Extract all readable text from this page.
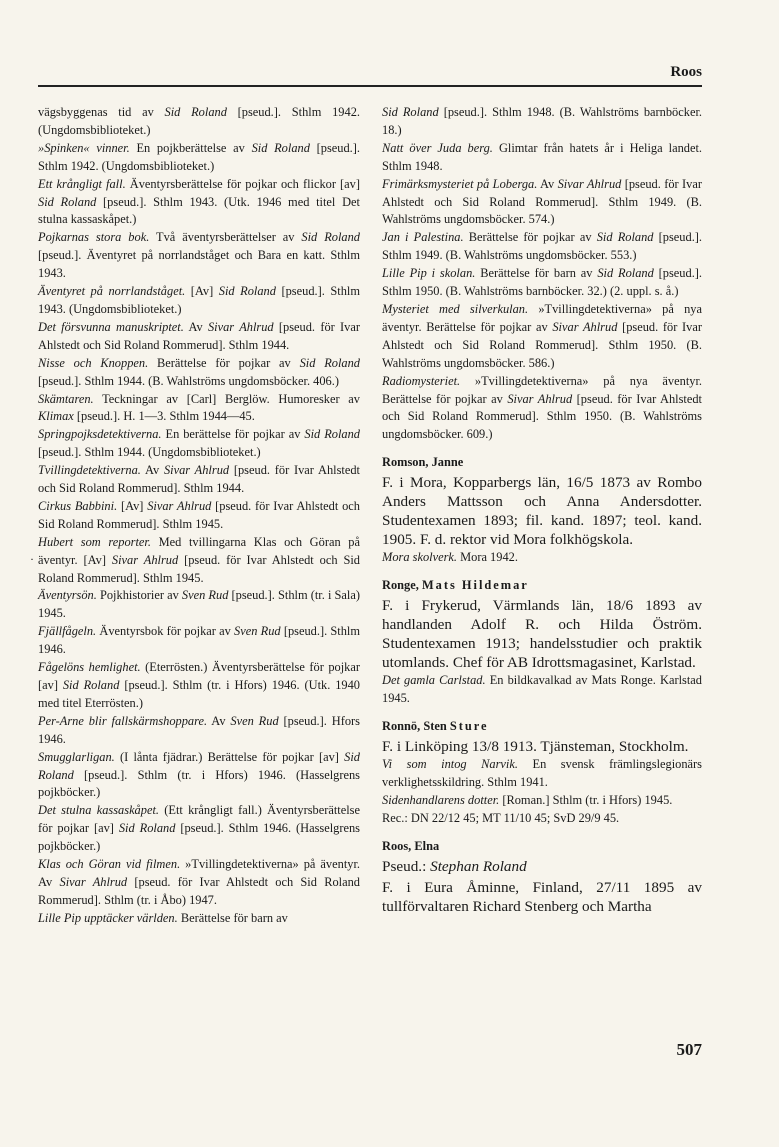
Roos
·

vägsbyggenas tid av Sid Roland [pseud.]. Sthlm 1942. (Ungdomsbiblioteket.)

»Spinken« vinner. En pojkberättelse av Sid Roland [pseud.]. Sthlm 1942. (Ungdomsbiblioteket.)

Ett krångligt fall. Äventyrsberättelse för pojkar och flickor [av] Sid Roland [pseud.]. Sthlm 1943. (Utk. 1946 med titel Det stulna kassaskåpet.)

Pojkarnas stora bok. Två äventyrsberättelser av Sid Roland [pseud.]. Äventyret på norrlandståget och Bara en katt. Sthlm 1943.

Äventyret på norrlandståget. [Av] Sid Roland [pseud.]. Sthlm 1943. (Ungdomsbiblioteket.)

Det försvunna manuskriptet. Av Sivar Ahlrud [pseud. för Ivar Ahlstedt och Sid Roland Rommerud]. Sthlm 1944.

Nisse och Knoppen. Berättelse för pojkar av Sid Roland [pseud.]. Sthlm 1944. (B. Wahlströms ungdomsböcker. 406.)

Skämtaren. Teckningar av [Carl] Berglöw. Humoresker av Klimax [pseud.]. H. 1—3. Sthlm 1944—45.

Springpojksdetektiverna. En berättelse för pojkar av Sid Roland [pseud.]. Sthlm 1944. (Ungdomsbiblioteket.)

Tvillingdetektiverna. Av Sivar Ahlrud [pseud. för Ivar Ahlstedt och Sid Roland Rommerud]. Sthlm 1944.

Cirkus Babbini. [Av] Sivar Ahlrud [pseud. för Ivar Ahlstedt och Sid Roland Rommerud]. Sthlm 1945.

Hubert som reporter. Med tvillingarna Klas och Göran på äventyr. [Av] Sivar Ahlrud [pseud. för Ivar Ahlstedt och Sid Roland Rommerud]. Sthlm 1945.

Äventyrsön. Pojkhistorier av Sven Rud [pseud.]. Sthlm (tr. i Sala) 1945.

Fjällfågeln. Äventyrsbok för pojkar av Sven Rud [pseud.]. Sthlm 1946.

Fågelöns hemlighet. (Eterrösten.) Äventyrsberättelse för pojkar [av] Sid Roland [pseud.]. Sthlm (tr. i Hfors) 1946. (Utk. 1940 med titel Eterrösten.)

Per-Arne blir fallskärmshoppare. Av Sven Rud [pseud.]. Hfors 1946.

Smugglarligan. (I lånta fjädrar.) Berättelse för pojkar [av] Sid Roland [pseud.]. Sthlm (tr. i Hfors) 1946. (Hasselgrens pojkböcker.)

Det stulna kassaskåpet. (Ett krångligt fall.) Äventyrsberättelse för pojkar [av] Sid Roland [pseud.]. Sthlm 1946. (Hasselgrens pojkböcker.)

Klas och Göran vid filmen. »Tvillingdetektiverna» på äventyr. Av Sivar Ahlrud [pseud. för Ivar Ahlstedt och Sid Roland Rommerud]. Sthlm (tr. i Åbo) 1947.

Lille Pip upptäcker världen. Berättelse för barn av

Sid Roland [pseud.]. Sthlm 1948. (B. Wahlströms barnböcker. 18.)

Natt över Juda berg. Glimtar från hatets år i Heliga landet. Sthlm 1948.

Frimärksmysteriet på Loberga. Av Sivar Ahlrud [pseud. för Ivar Ahlstedt och Sid Roland Rommerud]. Sthlm 1949. (B. Wahlströms ungdomsböcker. 574.)

Jan i Palestina. Berättelse för pojkar av Sid Roland [pseud.]. Sthlm 1949. (B. Wahlströms ungdomsböcker. 553.)

Lille Pip i skolan. Berättelse för barn av Sid Roland [pseud.]. Sthlm 1950. (B. Wahlströms barnböcker. 32.) (2. uppl. s. å.)

Mysteriet med silverkulan. »Tvillingdetektiverna» på nya äventyr. Berättelse för pojkar av Sivar Ahlrud [pseud. för Ivar Ahlstedt och Sid Roland Rommerud]. Sthlm 1950. (B. Wahlströms ungdomsböcker. 586.)

Radiomysteriet. »Tvillingdetektiverna» på nya äventyr. Berättelse för pojkar av Sivar Ahlrud [pseud. för Ivar Ahlstedt och Sid Roland Rommerud]. Sthlm 1950. (B. Wahlströms ungdomsböcker. 609.)

Romson, Janne

F. i Mora, Kopparbergs län, 16/5 1873 av Rombo Anders Mattsson och Anna Andersdotter. Studentexamen 1893; fil. kand. 1897; teol. kand. 1905. F. d. rektor vid Mora folkhögskola.

Mora skolverk. Mora 1942.

Ronge, Mats Hildemar

F. i Frykerud, Värmlands län, 18/6 1893 av handlanden Adolf R. och Hilda Öström. Studentexamen 1913; handelsstudier och praktik utomlands. Chef för AB Idrottsmagasinet, Karlstad.

Det gamla Carlstad. En bildkavalkad av Mats Ronge. Karlstad 1945.

Ronnö, Sten Sture

F. i Linköping 13/8 1913. Tjänsteman, Stockholm.

Vi som intog Narvik. En svensk främlingslegionärs verklighetsskildring. Sthlm 1941.

Sidenhandlarens dotter. [Roman.] Sthlm (tr. i Hfors) 1945.

Rec.: DN 22/12 45; MT 11/10 45; SvD 29/9 45.

Roos, Elna

Pseud.: Stephan Roland

F. i Eura Åminne, Finland, 27/11 1895 av tullförvaltaren Richard Stenberg och Martha

507
